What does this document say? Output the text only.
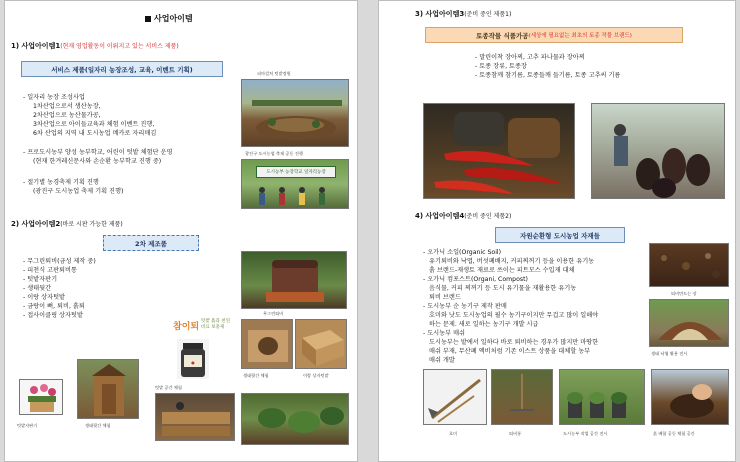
사업아이템
1) 사업아이템1(현재 영업활동이 이뤄지고 있는 서비스 제품)
서비스 제품(일자리 농장조성, 교육, 이벤트 기획)
- 일자리 농장 조성사업
1차산업으로서 생산농장,
2차산업으로 농산물가공,
3차산업으로 아이들교육과 체험 이벤트 진행,
6차 산업의 지역 내 도시농업 메카로 자리매김
- 프로도시농부 양성 농부학교, 어린이 텃밭 체험단 운영
(현재 한겨레신문사와 손순환 농부학교 진행 중)
- 절기별 농경축제 기획 진행
(광진구 도시농업 축제 기획 진행)
퍼마컬처 텃밭정원
광진구 도시농업 축제 공동 진행
도시농부 농장학교 일자리농장
2) 사업아이템2(바로 시판 가능한 제품)
2차 제조품
- 무그린퇴비(금성 제작 중)
- 피천식 고판퇴비통
- 텃밭자판기
- 생태뒷간
- 이랑 상자텃밭
- 금랑이 뼈, 퇴비, 흙퇴
- 접사이클링 상자텃밭	무그린퇴비
참이퇴
텃밭 흙과 천연 비료 보충제
●
생태뒷간 체험	이랑 상자텃밭
텃밭자판기	생태뒷간 체험
텃밭 공간 체험
3) 사업아이템3(준비 중인 제품1)
토종작물 식품가공 (세상에 필요없는 최초의 토종 작물 브랜드)
- 말린이착 장아찌, 고추 파나물과 장아찌
- 토종 장류, 토종장
- 토종참깨 참기름, 토종들깨 들기름, 토종 고추씨 기름
4) 사업아이템4(준비 중인 제품2)
자원순환형 도시농업 자재들
- 오가닉 소일(Organic Soil)
유기퇴비와 낙엽, 버섯폐배지, 커피찌꺼기 등을 이용한 유기농
흙 브랜드-재생토 재료로 쓰이는 피트모스 수입재 대체
- 오가닉 컴포스트(Organi, Compost)
음식물, 커피 찌꺼기 등 도시 유기물을 재활용한 유기농
퇴비 브랜드
- 도시농부 순 농기구 제작 판매
호미와 낫도 도시농업의 필수 농기구이지만 무겁고 많이 일해야
하는 문제. 새로 일하는 농기구 개발 시급
- 도시농부 매쉬
도시농부는 밭에서 일하다 바로 퇴비하는 경우가 많지만 마땅한
매쉬 부재, 무산폐 액비처럼 기존 이스트 상품을 대체할 농부
매쉬 개발
퇴비만드는 장
생태 낙엽 활용 전시
호미	퇴비통	도시농부 작업 공간 전시	흙 배합 공동 체험 공간
